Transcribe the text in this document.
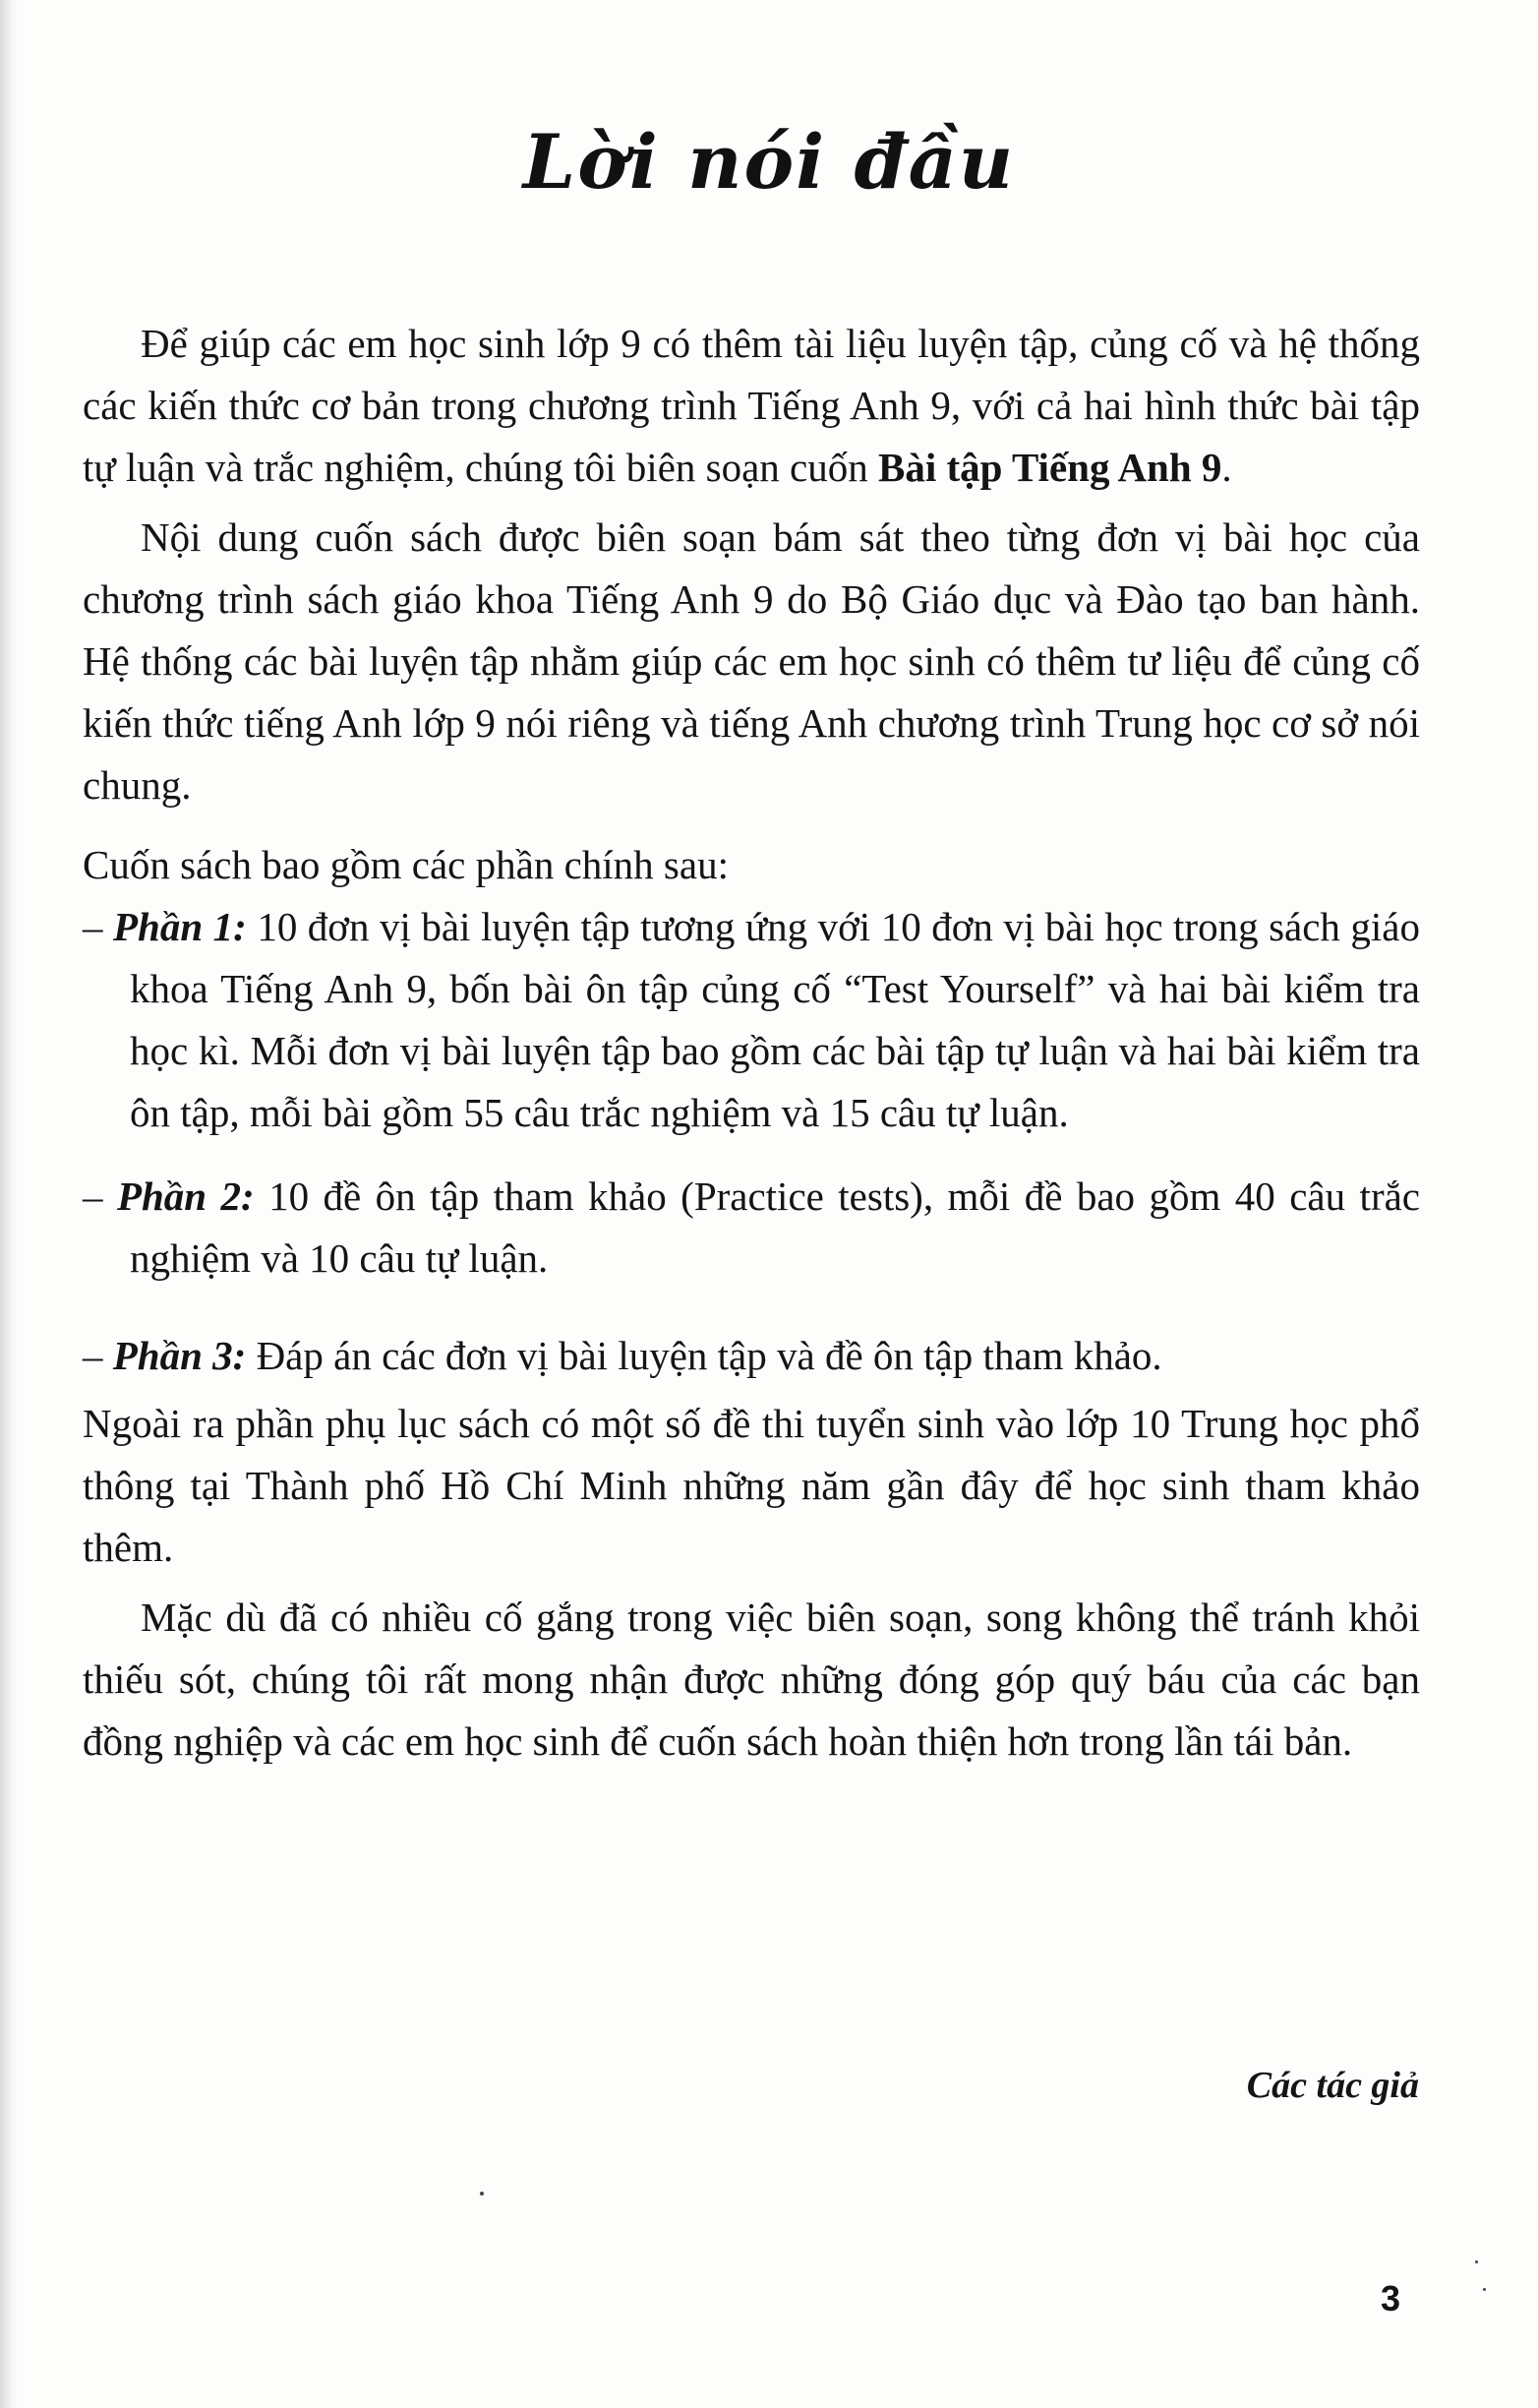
Lời nói đầu

Để giúp các em học sinh lớp 9 có thêm tài liệu luyện tập, củng cố và hệ thống các kiến thức cơ bản trong chương trình Tiếng Anh 9, với cả hai hình thức bài tập tự luận và trắc nghiệm, chúng tôi biên soạn cuốn Bài tập Tiếng Anh 9.

Nội dung cuốn sách được biên soạn bám sát theo từng đơn vị bài học của chương trình sách giáo khoa Tiếng Anh 9 do Bộ Giáo dục và Đào tạo ban hành. Hệ thống các bài luyện tập nhằm giúp các em học sinh có thêm tư liệu để củng cố kiến thức tiếng Anh lớp 9 nói riêng và tiếng Anh chương trình Trung học cơ sở nói chung.

Cuốn sách bao gồm các phần chính sau:

– Phần 1: 10 đơn vị bài luyện tập tương ứng với 10 đơn vị bài học trong sách giáo khoa Tiếng Anh 9, bốn bài ôn tập củng cố “Test Yourself” và hai bài kiểm tra học kì. Mỗi đơn vị bài luyện tập bao gồm các bài tập tự luận và hai bài kiểm tra ôn tập, mỗi bài gồm 55 câu trắc nghiệm và 15 câu tự luận.

– Phần 2: 10 đề ôn tập tham khảo (Practice tests), mỗi đề bao gồm 40 câu trắc nghiệm và 10 câu tự luận.

– Phần 3: Đáp án các đơn vị bài luyện tập và đề ôn tập tham khảo.

Ngoài ra phần phụ lục sách có một số đề thi tuyển sinh vào lớp 10 Trung học phổ thông tại Thành phố Hồ Chí Minh những năm gần đây để học sinh tham khảo thêm.

Mặc dù đã có nhiều cố gắng trong việc biên soạn, song không thể tránh khỏi thiếu sót, chúng tôi rất mong nhận được những đóng góp quý báu của các bạn đồng nghiệp và các em học sinh để cuốn sách hoàn thiện hơn trong lần tái bản.

Các tác giả
3
